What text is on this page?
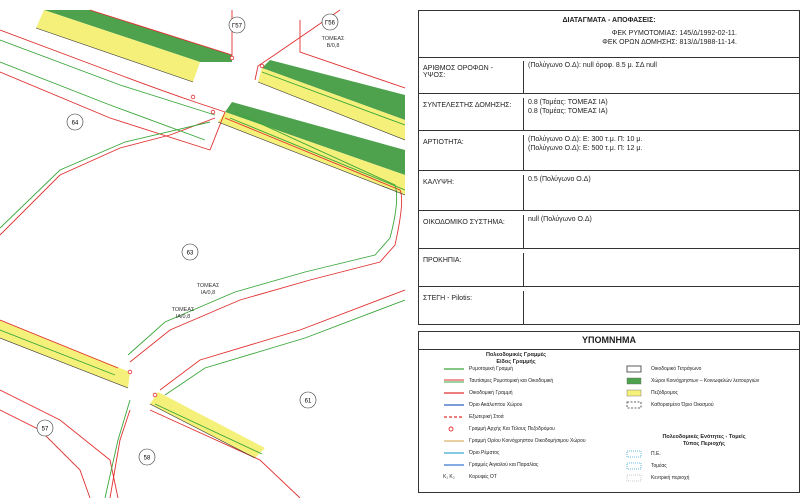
Γ57	Γ56
64
63
61
57
58
ΤΟΜΕΑΣ
Β/0,8
ΤΟΜΕΑΣ
ΙΑ/0,8
ΤΟΜΕΑΣ
ΙΑ/0,8
ΔΙΑΤΑΓΜΑΤΑ - ΑΠΟΦΑΣΕΙΣ:
ΦΕΚ ΡΥΜΟΤΟΜΙΑΣ: 145/Δ/1992-02-11.
ΦΕΚ ΟΡΩΝ ΔΟΜΗΣΗΣ: 813/Δ/1988-11-14.
ΑΡΙΘΜΟΣ ΟΡΟΦΩΝ - ΥΨΟΣ:
(Πολύγωνο Ο.Δ): null όροφ. 8.5 μ. ΣΔ null
ΣΥΝΤΕΛΕΣΤΗΣ ΔΟΜΗΣΗΣ:	0.8 (Τομέας: ΤΟΜΕΑΣ ΙΑ)
0.8 (Τομέας: ΤΟΜΕΑΣ ΙΑ)
ΑΡΤΙΟΤΗΤΑ:	(Πολύγωνο Ο.Δ): Ε: 300 τ.μ. Π: 10 μ.
(Πολύγωνο Ο.Δ): Ε: 500 τ.μ. Π: 12 μ.
ΚΑΛΥΨΗ:	0.5 (Πολύγωνο Ο.Δ)
ΟΙΚΟΔΟΜΙΚΟ ΣΥΣΤΗΜΑ:	null (Πολύγωνο Ο.Δ)
ΠΡΟΚΗΠΙΑ:
ΣΤΕΓΗ - Pilotis:
ΥΠΟΜΝΗΜΑ
Πολεοδομικές Γραμμές
Είδος Γραμμής
Ρυμοτομική Γραμμή
Ταυτίσιμες Ρυμοτομική και Οικοδομική
Οικοδομική Γραμμή
Όριο Ακάλυπτου Χώρου
Εξωτερική Στοά
Γραμμή Αρχής Και Τέλους Πεζοδρόμου
Γραμμή Ορίου Κοινόχρηστου Οικοδομήσιμου Χώρου
Όριο Ρέματος
Γραμμές Αιγιαλού και Παραλίας
K₁ K₂	Κορυφές ΟΤ
Οικοδομικό Τετράγωνο
Χώροι Κοινόχρηστων – Κοινωφελών λειτουργιών
Πεζόδρομος
Καθορισμένο Όριο Οικισμού
Πολεοδομικές Ενότητες - Τομείς
Τύπος Περιοχής
Π.Ε.
Τομέας
Κεντρική περιοχή
